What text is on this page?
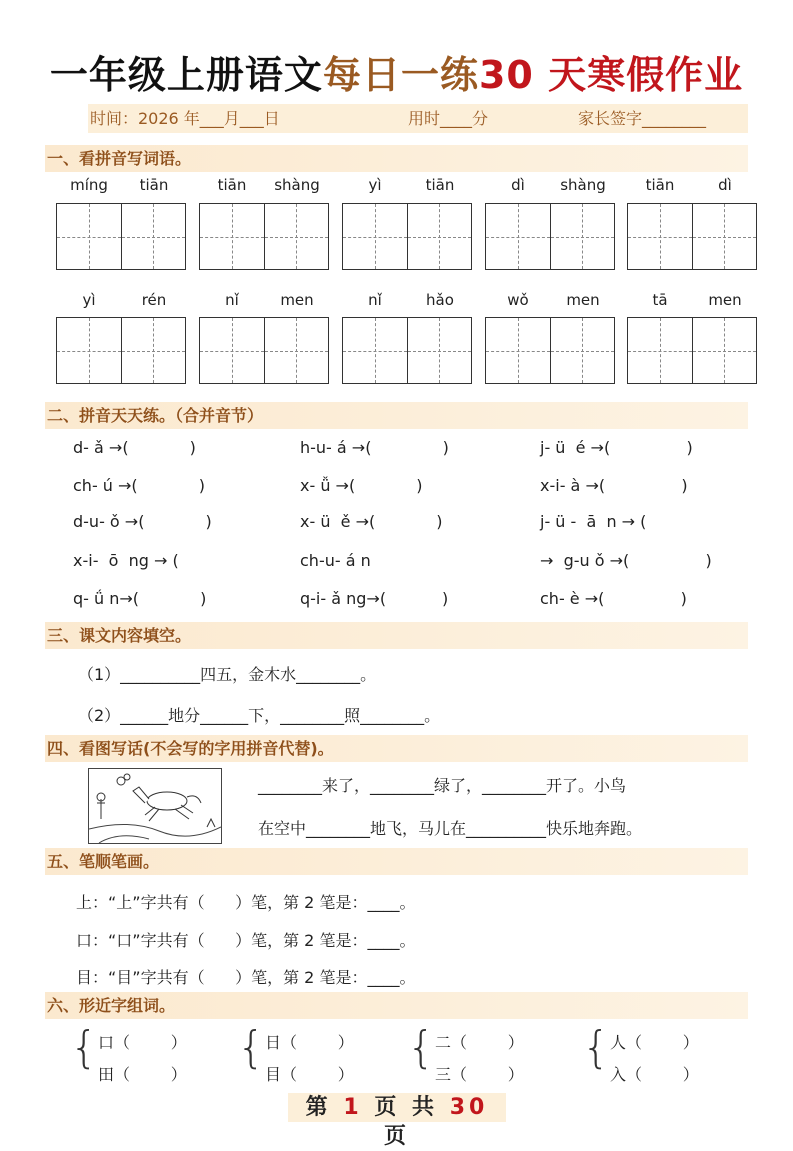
一年级上册语文每日一练30 天寒假作业
时间：2026 年___月___日	用时____分	家长签字________
一、看拼音写词语。
míng	tiān	tiān	shàng	yì	tiān	dì	shàng	tiān	dì
yì	rén	nǐ	men	nǐ	hǎo	wǒ	men	tā	men
二、拼音天天练。（合并音节）
d- ǎ →(            )	h-u- á →(              )	j- ü  é →(               )
ch- ú →(            )	x- ǚ →(            )	x-i- à →(               )
d-u- ǒ →(            )	x- ü  ě →(            )	j- ü -  ā  n → (
x-i-  ō  ng → (	ch-u- á n	→  g-u ǒ →(               )
q- ǘ n→(            )	q-i- ǎ ng→(           )	ch- è →(               )
三、课文内容填空。
（1）__________四五，金木水________。
（2）______地分______下，________照________。
四、看图写话(不会写的字用拼音代替)。
________来了，________绿了，________开了。小鸟
在空中________地飞，马儿在__________快乐地奔跑。
五、笔顺笔画。
上：“上”字共有（      ）笔，第 2 笔是：____。
口：“口”字共有（      ）笔，第 2 笔是：____。
目：“目”字共有（      ）笔，第 2 笔是：____。
六、形近字组词。
{ 口（        ）
田（        ）
{ 日（        ）
目（        ）
{ 二（        ）
三（        ）
{ 人（        ）
入（        ）
第 1 页 共 30 页
